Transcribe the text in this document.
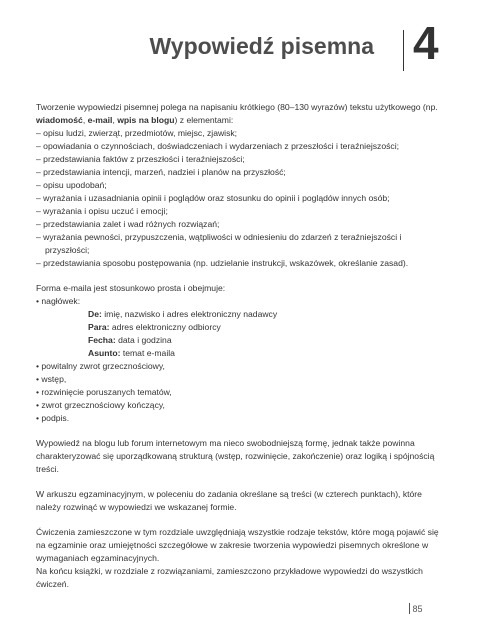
Wypowiedź pisemna 4

Tworzenie wypowiedzi pisemnej polega na napisaniu krótkiego (80–130 wyrazów) tekstu użytkowego (np. wiadomość, e-mail, wpis na blogu) z elementami:

– opisu ludzi, zwierząt, przedmiotów, miejsc, zjawisk;
– opowiadania o czynnościach, doświadczeniach i wydarzeniach z przeszłości i teraźniejszości;
– przedstawiania faktów z przeszłości i teraźniejszości;
– przedstawiania intencji, marzeń, nadziei i planów na przyszłość;
– opisu upodobań;
– wyrażania i uzasadniania opinii i poglądów oraz stosunku do opinii i poglądów innych osób;
– wyrażania i opisu uczuć i emocji;
– przedstawiania zalet i wad różnych rozwiązań;
– wyrażania pewności, przypuszczenia, wątpliwości w odniesieniu do zdarzeń z teraźniejszości i przyszłości;
– przedstawiania sposobu postępowania (np. udzielanie instrukcji, wskazówek, określanie zasad).

Forma e-maila jest stosunkowo prosta i obejmuje:

• nagłówek:
De: imię, nazwisko i adres elektroniczny nadawcy
Para: adres elektroniczny odbiorcy
Fecha: data i godzina
Asunto: temat e-maila
• powitalny zwrot grzecznościowy,
• wstęp,
• rozwinięcie poruszanych tematów,
• zwrot grzecznościowy kończący,
• podpis.

Wypowiedź na blogu lub forum internetowym ma nieco swobodniejszą formę, jednak także powinna charakteryzować się uporządkowaną strukturą (wstęp, rozwinięcie, zakończenie) oraz logiką i spójnością treści.

W arkuszu egzaminacyjnym, w poleceniu do zadania określane są treści (w czterech punktach), które należy rozwinąć w wypowiedzi we wskazanej formie.

Ćwiczenia zamieszczone w tym rozdziale uwzględniają wszystkie rodzaje tekstów, które mogą pojawić się na egzaminie oraz umiejętności szczegółowe w zakresie tworzenia wypowiedzi pisemnych określone w wymaganiach egzaminacyjnych.

Na końcu książki, w rozdziale z rozwiązaniami, zamieszczono przykładowe wypowiedzi do wszystkich ćwiczeń.

85
